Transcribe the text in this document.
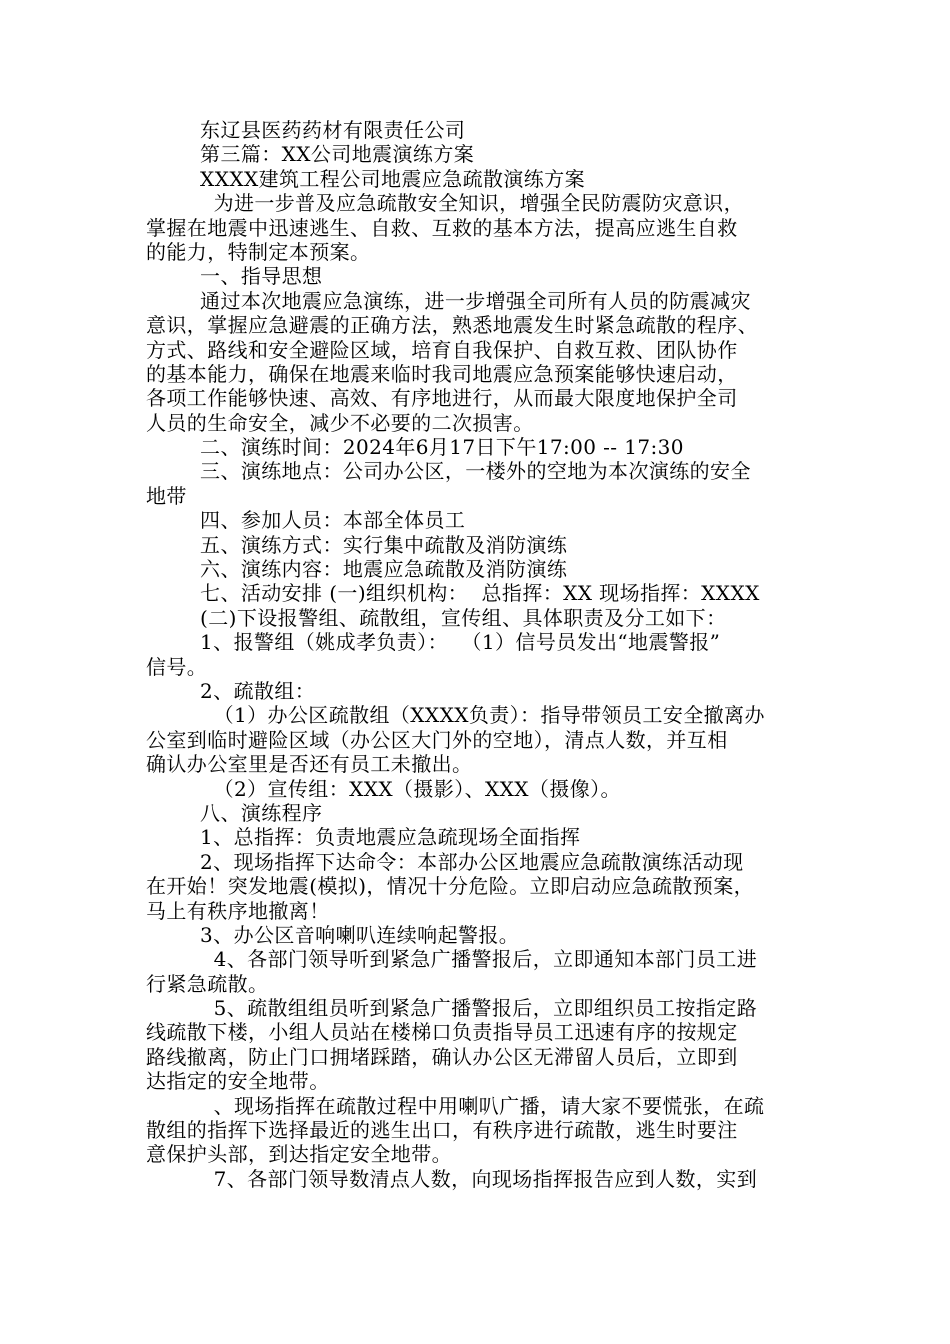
东辽县医药药材有限责任公司
第三篇：XX公司地震演练方案
XXXX建筑工程公司地震应急疏散演练方案
为进一步普及应急疏散安全知识，增强全民防震防灾意识，
掌握在地震中迅速逃生、自救、互救的基本方法，提高应逃生自救
的能力，特制定本预案。
一、指导思想
通过本次地震应急演练，进一步增强全司所有人员的防震减灾
意识，掌握应急避震的正确方法，熟悉地震发生时紧急疏散的程序、
方式、路线和安全避险区域，培育自我保护、自救互救、团队协作
的基本能力，确保在地震来临时我司地震应急预案能够快速启动，
各项工作能够快速、高效、有序地进行，从而最大限度地保护全司
人员的生命安全，减少不必要的二次损害。
二、演练时间：2024年6月17日下午17:00 -- 17:30
三、演练地点：公司办公区，一楼外的空地为本次演练的安全
地带
四、参加人员：本部全体员工
五、演练方式：实行集中疏散及消防演练
六、演练内容：地震应急疏散及消防演练
七、活动安排 (一)组织机构：  总指挥：XX 现场指挥：XXXX
(二)下设报警组、疏散组，宣传组、具体职责及分工如下：
1、报警组（姚成孝负责）：  （1）信号员发出“地震警报”
信号。
2、疏散组：
（1）办公区疏散组（XXXX负责）：指导带领员工安全撤离办
公室到临时避险区域（办公区大门外的空地），清点人数，并互相
确认办公室里是否还有员工未撤出。
（2）宣传组：XXX（摄影）、XXX（摄像）。
八、演练程序
1、总指挥：负责地震应急疏现场全面指挥
2、现场指挥下达命令：本部办公区地震应急疏散演练活动现
在开始！突发地震(模拟)，情况十分危险。立即启动应急疏散预案，
马上有秩序地撤离！
3、办公区音响喇叭连续响起警报。
4、各部门领导听到紧急广播警报后，立即通知本部门员工进
行紧急疏散。
5、疏散组组员听到紧急广播警报后，立即组织员工按指定路
线疏散下楼，小组人员站在楼梯口负责指导员工迅速有序的按规定
路线撤离，防止门口拥堵踩踏，确认办公区无滞留人员后，立即到
达指定的安全地带。
、现场指挥在疏散过程中用喇叭广播，请大家不要慌张，在疏
散组的指挥下选择最近的逃生出口，有秩序进行疏散，逃生时要注
意保护头部，到达指定安全地带。
7、各部门领导数清点人数，向现场指挥报告应到人数，实到
